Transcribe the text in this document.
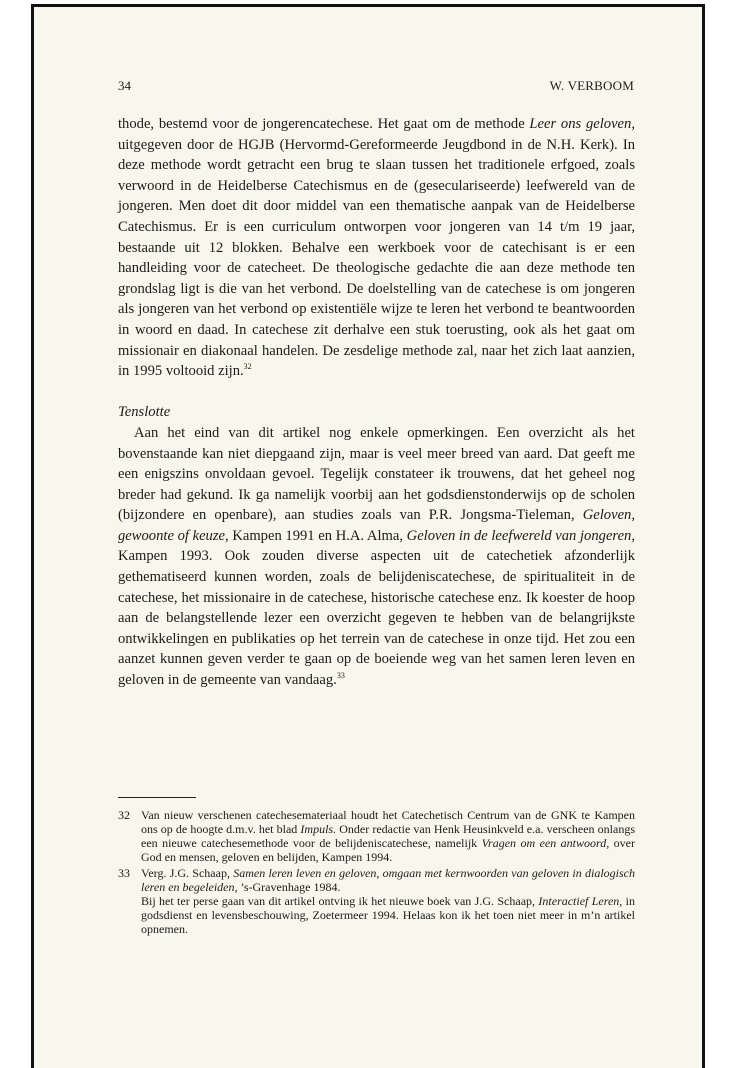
34	W. VERBOOM

thode, bestemd voor de jongerencatechese. Het gaat om de methode Leer ons geloven, uitgegeven door de HGJB (Hervormd-Gereformeerde Jeugdbond in de N.H. Kerk). In deze methode wordt getracht een brug te slaan tussen het traditionele erfgoed, zoals verwoord in de Heidelberse Catechismus en de (geseculariseerde) leefwereld van de jongeren. Men doet dit door middel van een thematische aanpak van de Heidelberse Catechismus. Er is een curriculum ontworpen voor jongeren van 14 t/m 19 jaar, bestaande uit 12 blokken. Behalve een werkboek voor de catechisant is er een handleiding voor de catecheet. De theologische gedachte die aan deze methode ten grondslag ligt is die van het verbond. De doelstelling van de catechese is om jongeren als jongeren van het verbond op existentiële wijze te leren het verbond te beantwoorden in woord en daad. In catechese zit derhalve een stuk toerusting, ook als het gaat om missionair en diakonaal handelen. De zesdelige methode zal, naar het zich laat aanzien, in 1995 voltooid zijn.$^{32}$

Tenslotte

Aan het eind van dit artikel nog enkele opmerkingen. Een overzicht als het bovenstaande kan niet diepgaand zijn, maar is veel meer breed van aard. Dat geeft me een enigszins onvoldaan gevoel. Tegelijk constateer ik trouwens, dat het geheel nog breder had gekund. Ik ga namelijk voorbij aan het godsdienstonderwijs op de scholen (bijzondere en openbare), aan studies zoals van P.R. Jongsma-Tieleman, Geloven, gewoonte of keuze, Kampen 1991 en H.A. Alma, Geloven in de leefwereld van jongeren, Kampen 1993. Ook zouden diverse aspecten uit de catechetiek afzonderlijk gethematiseerd kunnen worden, zoals de belijdeniscatechese, de spiritualiteit in de catechese, het missionaire in de catechese, historische catechese enz. Ik koester de hoop aan de belangstellende lezer een overzicht gegeven te hebben van de belangrijkste ontwikkelingen en publikaties op het terrein van de catechese in onze tijd. Het zou een aanzet kunnen geven verder te gaan op de boeiende weg van het samen leren leven en geloven in de gemeente van vandaag.$^{33}$

32 Van nieuw verschenen catechesemateriaal houdt het Catechetisch Centrum van de GNK te Kampen ons op de hoogte d.m.v. het blad Impuls. Onder redactie van Henk Heusinkveld e.a. verscheen onlangs een nieuwe catechesemethode voor de belijdeniscatechese, namelijk Vragen om een antwoord, over God en mensen, geloven en belijden, Kampen 1994.

33 Verg. J.G. Schaap, Samen leren leven en geloven, omgaan met kernwoorden van geloven in dialogisch leren en begeleiden, ’s-Gravenhage 1984.

Bij het ter perse gaan van dit artikel ontving ik het nieuwe boek van J.G. Schaap, Interactief Leren, in godsdienst en levensbeschouwing, Zoetermeer 1994. Helaas kon ik het toen niet meer in m’n artikel opnemen.
